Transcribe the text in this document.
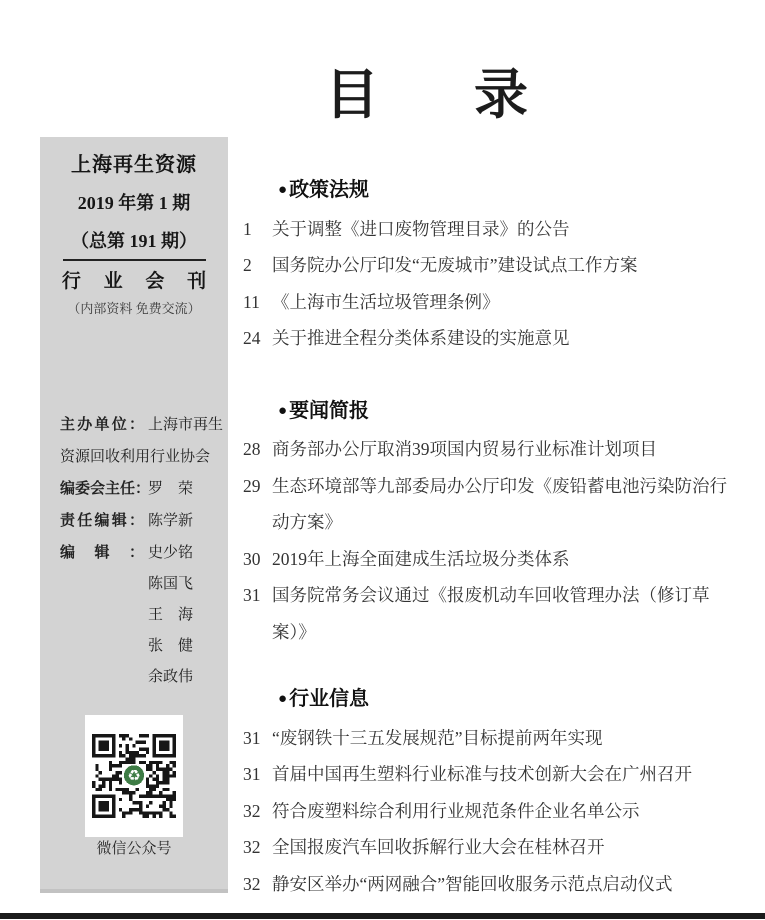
目 录
上海再生资源
2019 年第 1 期
（总第 191 期）
行 业 会 刊
（内部资料 免费交流）

主办单位： 上海市再生资源回收利用行业协会

编委会主任：罗　荣
责任编辑： 陈学新
编辑： 史少铭
陈国飞
王　海
张　健
余政伟
♻
微信公众号
● 政策法规
1	关于调整《进口废物管理目录》的公告
2	国务院办公厅印发“无废城市”建设试点工作方案
11 《上海市生活垃圾管理条例》
24 关于推进全程分类体系建设的实施意见
● 要闻简报
28 商务部办公厅取消39项国内贸易行业标准计划项目
29 生态环境部等九部委局办公厅印发《废铅蓄电池污染防治行动方案》
30 2019年上海全面建成生活垃圾分类体系
31 国务院常务会议通过《报废机动车回收管理办法（修订草案）》
● 行业信息
31 “废钢铁十三五发展规范”目标提前两年实现
31 首届中国再生塑料行业标准与技术创新大会在广州召开
32 符合废塑料综合利用行业规范条件企业名单公示
32 全国报废汽车回收拆解行业大会在桂林召开
32 静安区举办“两网融合”智能回收服务示范点启动仪式
